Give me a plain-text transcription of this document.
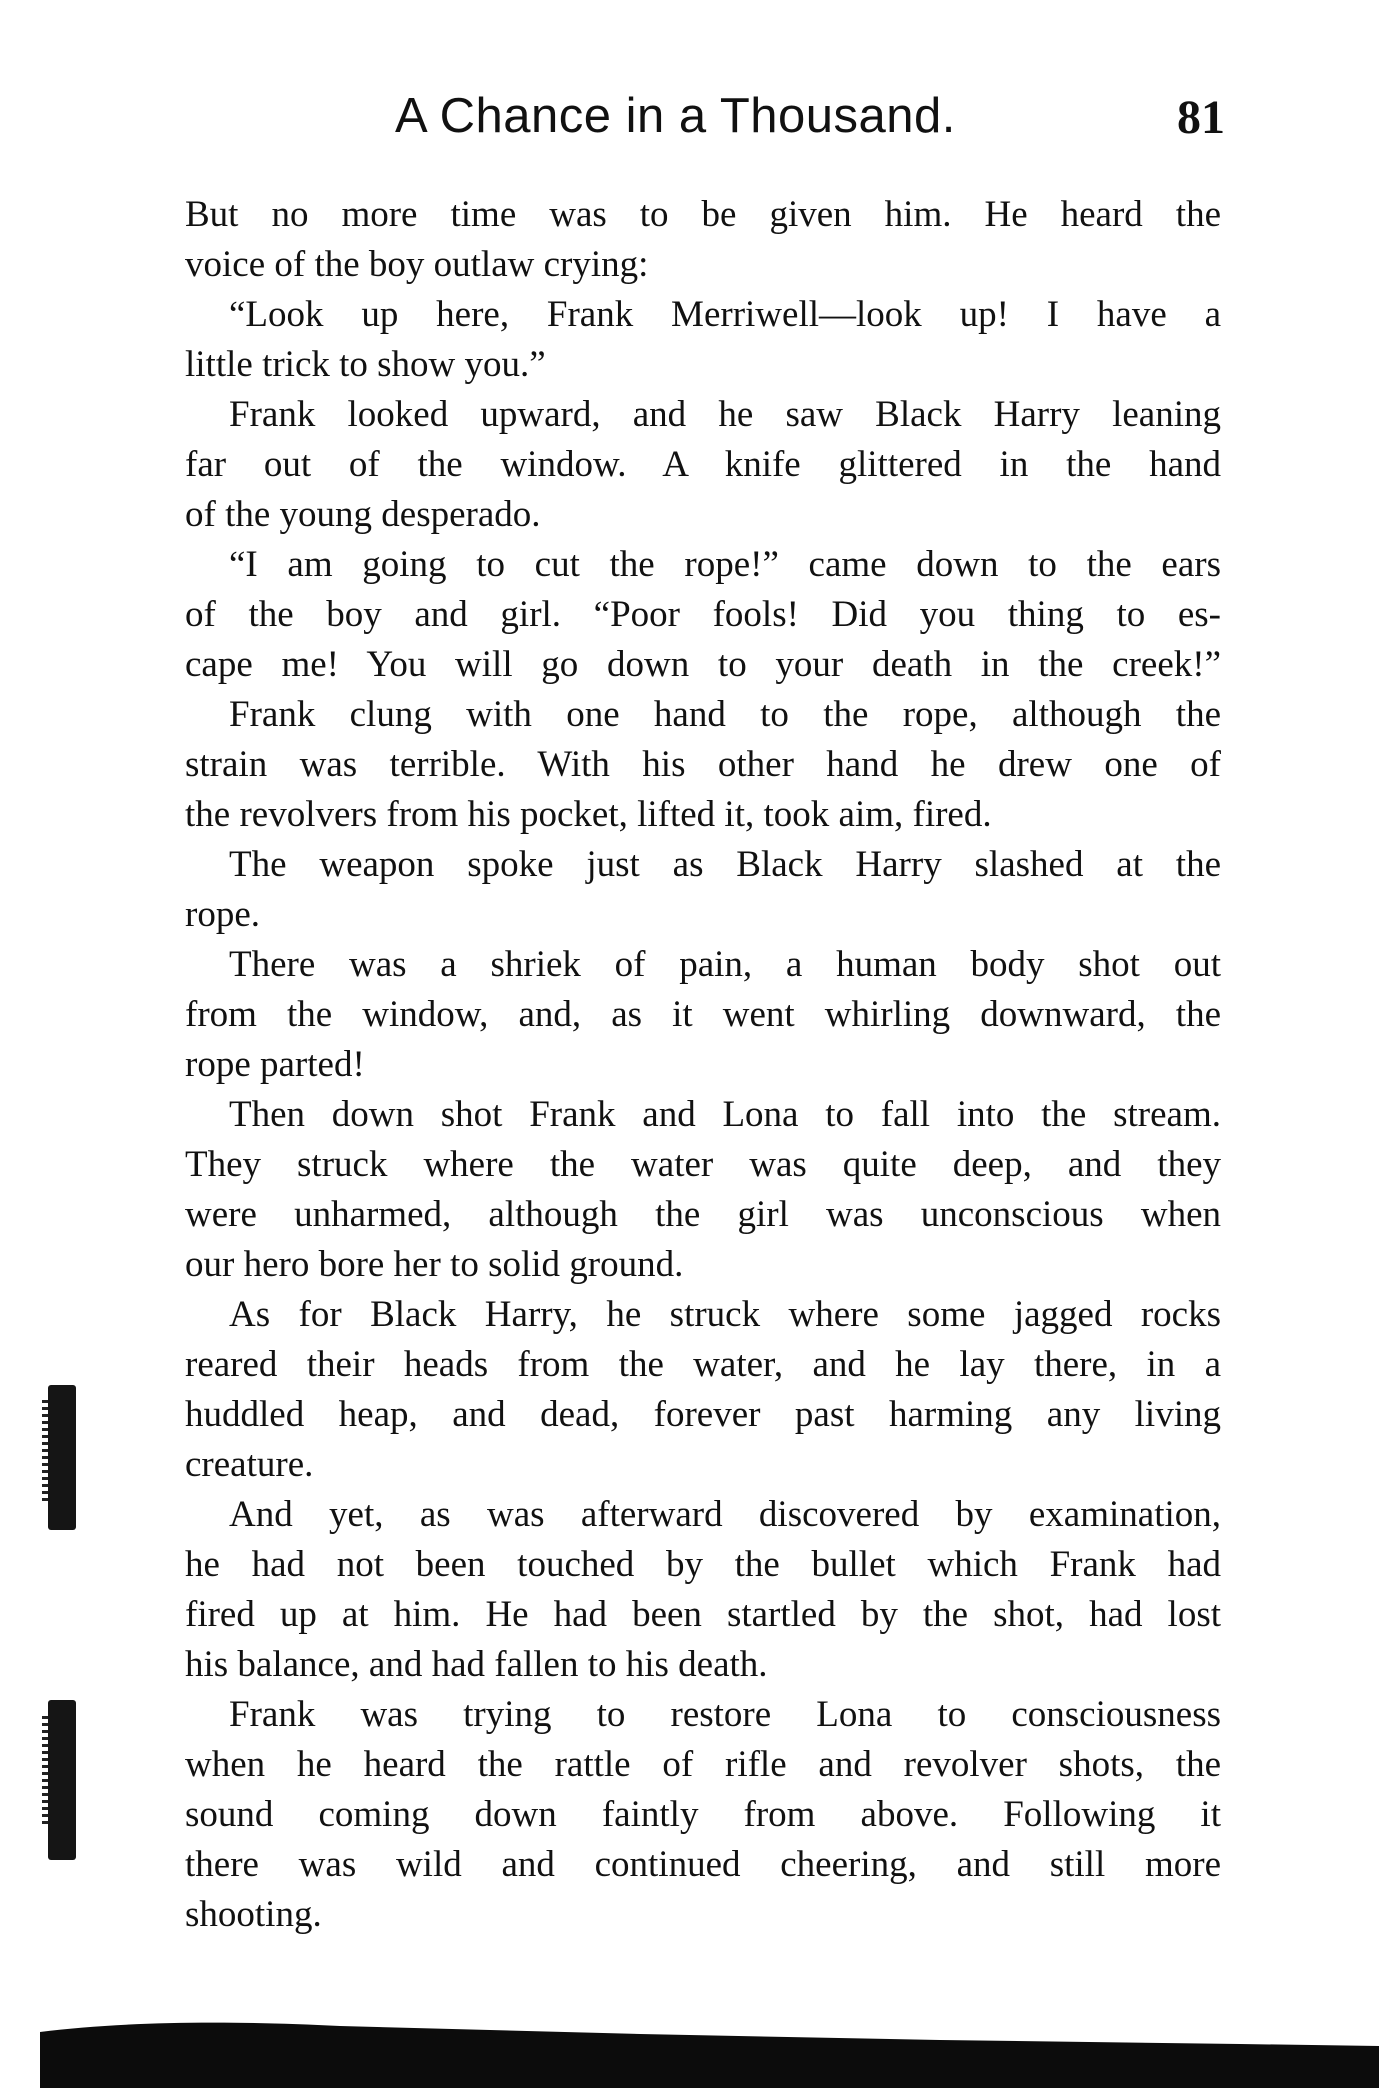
A Chance in a Thousand.	81
But no more time was to be given him. He heard the
voice of the boy outlaw crying:
“Look up here, Frank Merriwell—look up! I have a
little trick to show you.”
Frank looked upward, and he saw Black Harry leaning
far out of the window. A knife glittered in the hand
of the young desperado.
“I am going to cut the rope!” came down to the ears
of the boy and girl. “Poor fools! Did you thing to es-
cape me! You will go down to your death in the creek!”
Frank clung with one hand to the rope, although the
strain was terrible. With his other hand he drew one of
the revolvers from his pocket, lifted it, took aim, fired.
The weapon spoke just as Black Harry slashed at the
rope.
There was a shriek of pain, a human body shot out
from the window, and, as it went whirling downward, the
rope parted!
Then down shot Frank and Lona to fall into the stream.
They struck where the water was quite deep, and they
were unharmed, although the girl was unconscious when
our hero bore her to solid ground.
As for Black Harry, he struck where some jagged rocks
reared their heads from the water, and he lay there, in a
huddled heap, and dead, forever past harming any living
creature.
And yet, as was afterward discovered by examination,
he had not been touched by the bullet which Frank had
fired up at him. He had been startled by the shot, had lost
his balance, and had fallen to his death.
Frank was trying to restore Lona to consciousness
when he heard the rattle of rifle and revolver shots, the
sound coming down faintly from above. Following it
there was wild and continued cheering, and still more
shooting.
